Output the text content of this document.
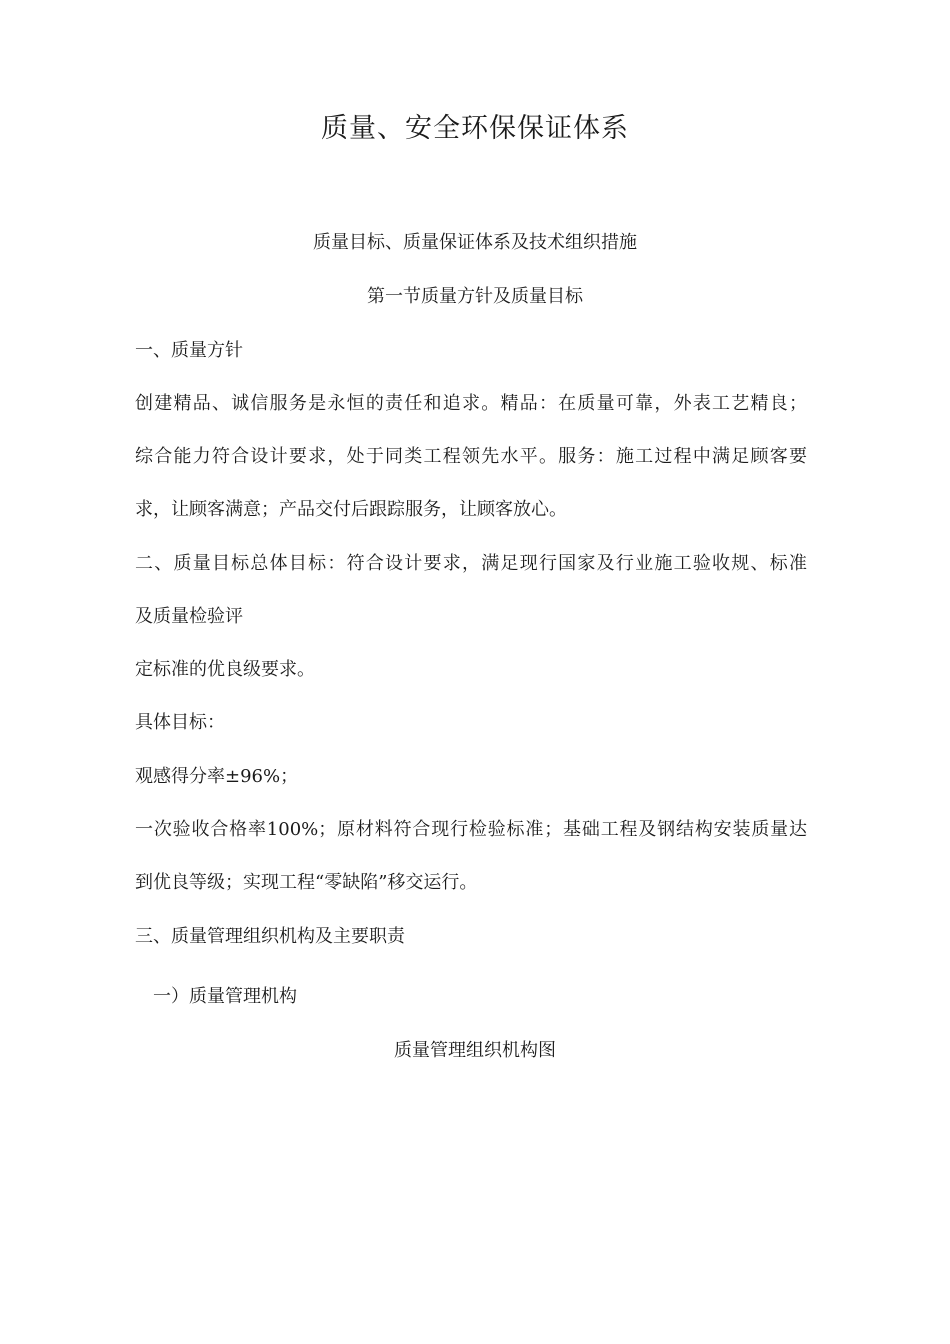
质量、安全环保保证体系
质量目标、质量保证体系及技术组织措施
第一节质量方针及质量目标
一、质量方针
创建精品、诚信服务是永恒的责任和追求。精品：在质量可靠，外表工艺精良；
综合能力符合设计要求，处于同类工程领先水平。服务：施工过程中满足顾客要
求，让顾客满意；产品交付后跟踪服务，让顾客放心。
二、质量目标总体目标：符合设计要求，满足现行国家及行业施工验收规、标准
及质量检验评
定标准的优良级要求。
具体目标：
观感得分率±96%；
一次验收合格率100%；原材料符合现行检验标准；基础工程及钢结构安装质量达
到优良等级；实现工程“零缺陷”移交运行。
三、质量管理组织机构及主要职责
一）质量管理机构
质量管理组织机构图
